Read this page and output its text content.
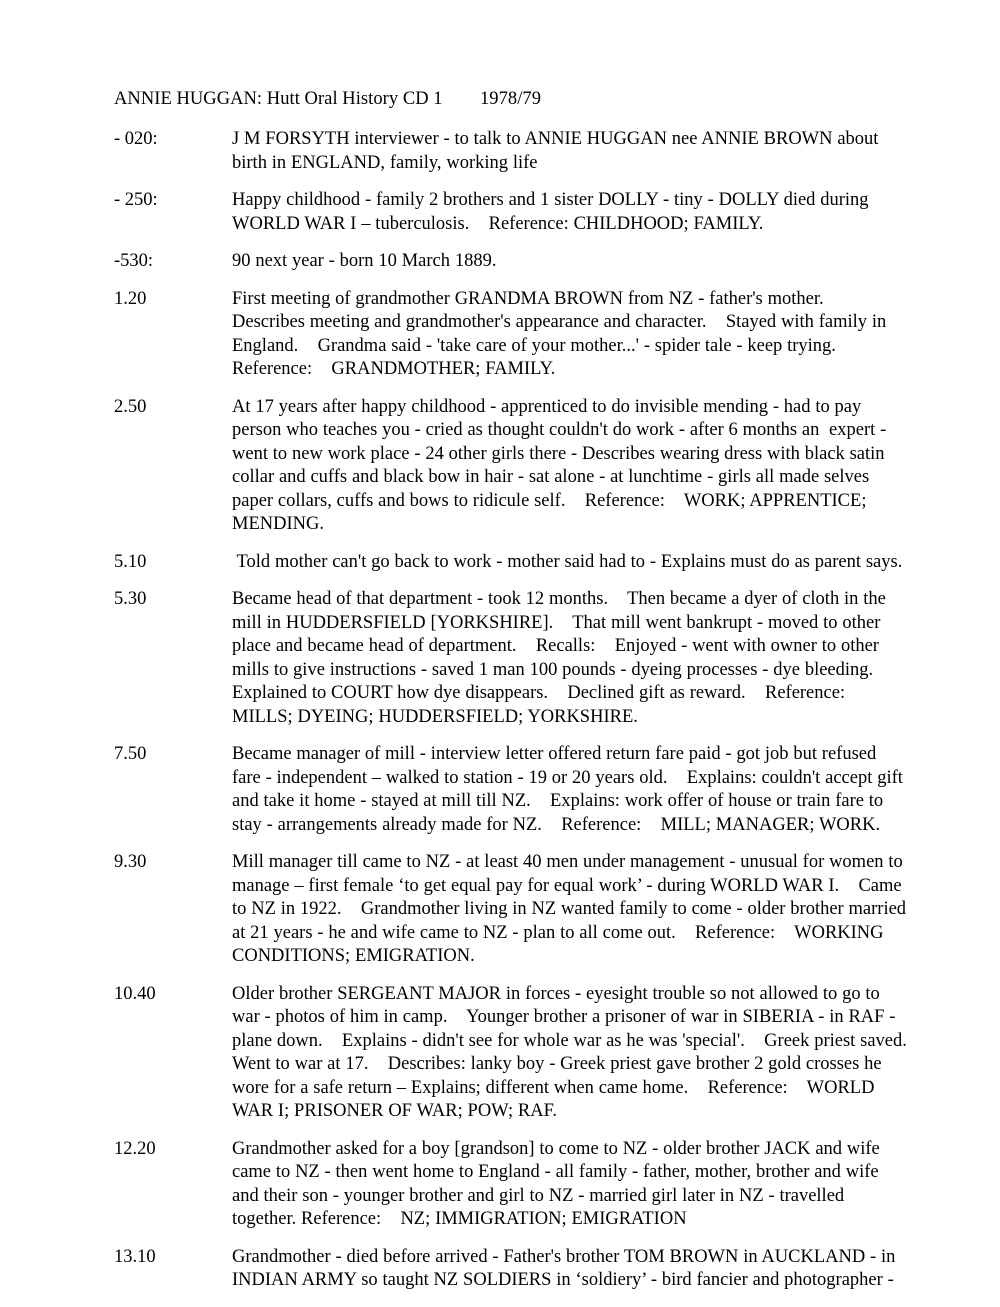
ANNIE HUGGAN: Hutt Oral History CD 1        1978/79
- 020:	J M FORSYTH interviewer - to talk to ANNIE HUGGAN nee ANNIE BROWN about
birth in ENGLAND, family, working life
- 250:	Happy childhood - family 2 brothers and 1 sister DOLLY - tiny - DOLLY died during
WORLD WAR I – tuberculosis.    Reference: CHILDHOOD; FAMILY.
-530:	90 next year - born 10 March 1889.
1.20	First meeting of grandmother GRANDMA BROWN from NZ - father's mother.
Describes meeting and grandmother's appearance and character.    Stayed with family in
England.    Grandma said - 'take care of your mother...' - spider tale - keep trying.
Reference:    GRANDMOTHER; FAMILY.
2.50	At 17 years after happy childhood - apprenticed to do invisible mending - had to pay
person who teaches you - cried as thought couldn't do work - after 6 months an  expert -
went to new work place - 24 other girls there - Describes wearing dress with black satin
collar and cuffs and black bow in hair - sat alone - at lunchtime - girls all made selves
paper collars, cuffs and bows to ridicule self.    Reference:    WORK; APPRENTICE;
MENDING.
5.10	Told mother can't go back to work - mother said had to - Explains must do as parent says.
5.30	Became head of that department - took 12 months.    Then became a dyer of cloth in the
mill in HUDDERSFIELD [YORKSHIRE].    That mill went bankrupt - moved to other
place and became head of department.    Recalls:    Enjoyed - went with owner to other
mills to give instructions - saved 1 man 100 pounds - dyeing processes - dye bleeding.
Explained to COURT how dye disappears.    Declined gift as reward.    Reference:
MILLS; DYEING; HUDDERSFIELD; YORKSHIRE.
7.50	Became manager of mill - interview letter offered return fare paid - got job but refused
fare - independent – walked to station - 19 or 20 years old.    Explains: couldn't accept gift
and take it home - stayed at mill till NZ.    Explains: work offer of house or train fare to
stay - arrangements already made for NZ.    Reference:    MILL; MANAGER; WORK.
9.30	Mill manager till came to NZ - at least 40 men under management - unusual for women to
manage – first female ‘to get equal pay for equal work’ - during WORLD WAR I.    Came
to NZ in 1922.    Grandmother living in NZ wanted family to come - older brother married
at 21 years - he and wife came to NZ - plan to all come out.    Reference:    WORKING
CONDITIONS; EMIGRATION.
10.40	Older brother SERGEANT MAJOR in forces - eyesight trouble so not allowed to go to
war - photos of him in camp.    Younger brother a prisoner of war in SIBERIA - in RAF -
plane down.    Explains - didn't see for whole war as he was 'special'.    Greek priest saved.
Went to war at 17.    Describes: lanky boy - Greek priest gave brother 2 gold crosses he
wore for a safe return – Explains; different when came home.    Reference:    WORLD
WAR I; PRISONER OF WAR; POW; RAF.
12.20	Grandmother asked for a boy [grandson] to come to NZ - older brother JACK and wife
came to NZ - then went home to England - all family - father, mother, brother and wife
and their son - younger brother and girl to NZ - married girl later in NZ - travelled
together. Reference:    NZ; IMMIGRATION; EMIGRATION
13.10	Grandmother - died before arrived - Father's brother TOM BROWN in AUCKLAND - in
INDIAN ARMY so taught NZ SOLDIERS in ‘soldiery’ - bird fancier and photographer -
